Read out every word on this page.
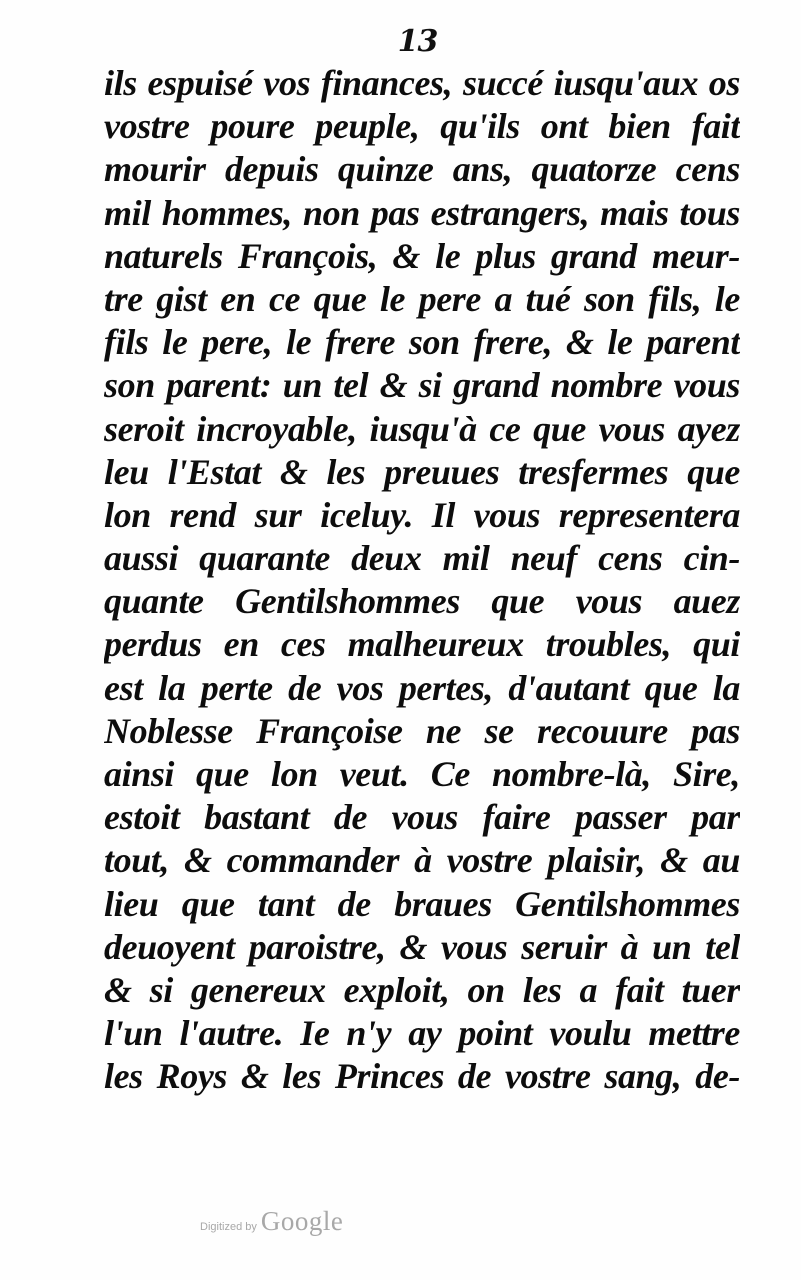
13
ils espuisé vos finances, succé iusqu'aux os
vostre poure peuple, qu'ils ont bien fait
mourir depuis quinze ans, quatorze cens
mil hommes, non pas estrangers, mais tous
naturels François, & le plus grand meur-
tre gist en ce que le pere a tué son fils, le
fils le pere, le frere son frere, & le parent
son parent: un tel & si grand nombre vous
seroit incroyable, iusqu'à ce que vous ayez
leu l'Estat & les preuues tresfermes que
lon rend sur iceluy. Il vous representera
aussi quarante deux mil neuf cens cin-
quante Gentilshommes que vous auez
perdus en ces malheureux troubles, qui
est la perte de vos pertes, d'autant que la
Noblesse Françoise ne se recouure pas
ainsi que lon veut. Ce nombre-là, Sire,
estoit bastant de vous faire passer par
tout, & commander à vostre plaisir, & au
lieu que tant de braues Gentilshommes
deuoyent paroistre, & vous seruir à un tel
& si genereux exploit, on les a fait tuer
l'un l'autre. Ie n'y ay point voulu mettre
les Roys & les Princes de vostre sang, de-
Digitized by Google
